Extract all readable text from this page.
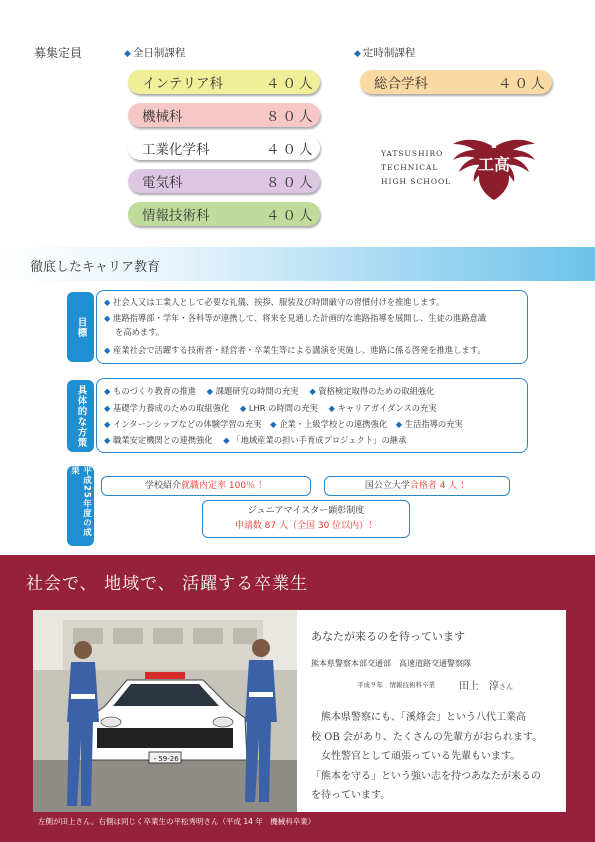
募集定員	◆ 全日制課程	◆ 定時制課程
インテリア科	４０人
機械科	８０人
工業化学科	４０人
電気科	８０人
情報技術科	４０人
総合学科	４０人
YATSUSHIRO
TECHNICAL
HIGH SCHOOL
工高
徹底したキャリア教育
目標
◆ 社会人又は工業人として必要な礼儀、挨拶、服装及び時間厳守の習慣付けを推進します。
◆ 進路指導部・学年・各科等が連携して、将来を見通した計画的な進路指導を展開し、生徒の進路意識
を高めます。
◆ 産業社会で活躍する技術者・経営者・卒業生等による講演を実施し、進路に係る啓発を推進します。
具体的な方策	◆ ものづくり教育の推進 ◆ 課題研究の時間の充実 ◆ 資格検定取得のための取組強化
◆ 基礎学力養成のための取組強化 ◆ LHR の時間の充実 ◆ キャリアガイダンスの充実
◆ インターンシップなどの体験学習の充実 ◆ 企業・上級学校との連携強化 ◆ 生活指導の充実
◆ 職業安定機関との連携強化 ◆ 「地域産業の担い手育成プロジェクト」の継承
平成25年度の成果
学校紹介就職内定率 100％ ！	国公立大学合格者 4 人 ！
ジュニアマイスター顕彰制度
申請数 87 人（全国 30 位以内）！
社会で、 地域で、 活躍する卒業生
・59-26
あなたが来るのを待っています
熊本県警察本部交通部　高速道路交通警察隊
平成９年　情報技術科卒業 田上　淳さん
熊本県警察にも、「溪烽会」という八代工業高
校 OB 会があり、たくさんの先輩方がおられます。
女性警官として頑張っている先輩もいます。
「熊本を守る」という強い志を持つあなたが来るの
を待っています。
左側が田上さん。右側は同じく卒業生の平松秀明さん（平成 14 年　機械科卒業）
